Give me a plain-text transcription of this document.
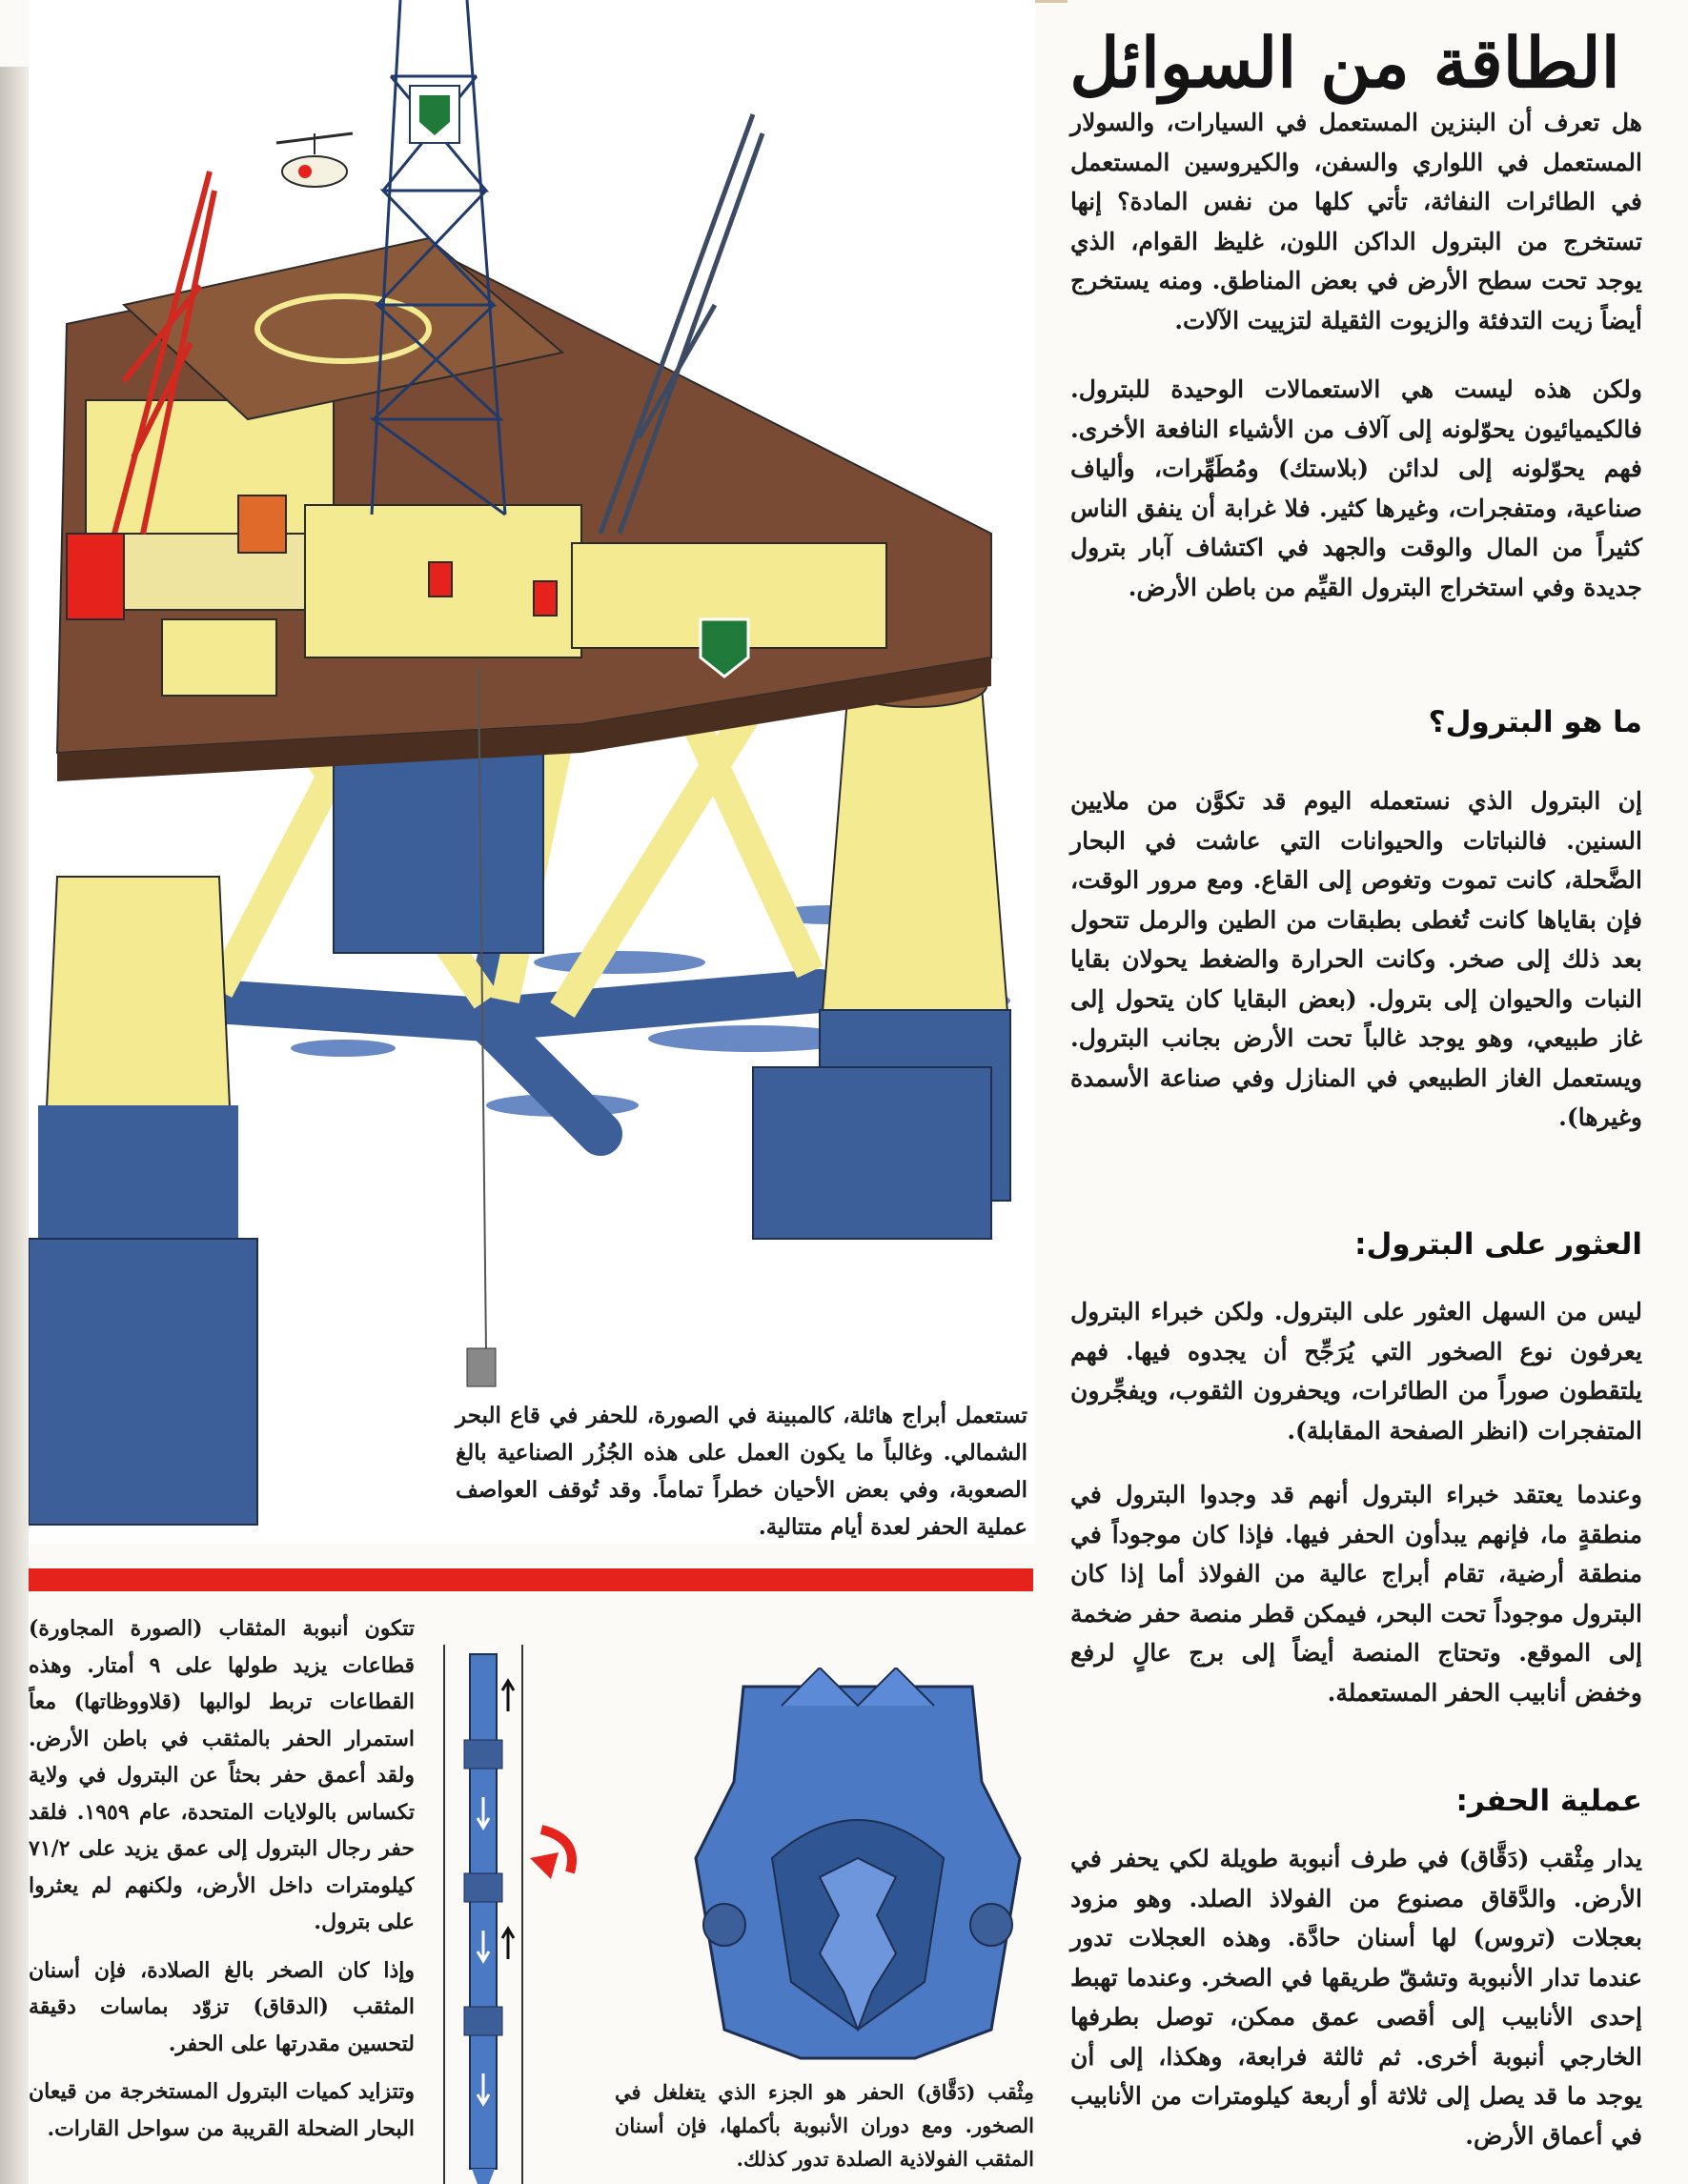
الطاقة من السوائل

هل تعرف أن البنزين المستعمل في السيارات، والسولار المستعمل في اللواري والسفن، والكيروسين المستعمل في الطائرات النفاثة، تأتي كلها من نفس المادة؟ إنها تستخرج من البترول الداكن اللون، غليظ القوام، الذي يوجد تحت سطح الأرض في بعض المناطق. ومنه يستخرج أيضاً زيت التدفئة والزيوت الثقيلة لتزييت الآلات.

ولكن هذه ليست هي الاستعمالات الوحيدة للبترول. فالكيميائيون يحوّلونه إلى آلاف من الأشياء النافعة الأخرى. فهم يحوّلونه إلى لدائن (بلاستك) ومُطَهِّرات، وألياف صناعية، ومتفجرات، وغيرها كثير. فلا غرابة أن ينفق الناس كثيراً من المال والوقت والجهد في اكتشاف آبار بترول جديدة وفي استخراج البترول القيِّم من باطن الأرض.

ما هو البترول؟

إن البترول الذي نستعمله اليوم قد تكوَّن من ملايين السنين. فالنباتات والحيوانات التي عاشت في البحار الضَّحلة، كانت تموت وتغوص إلى القاع. ومع مرور الوقت، فإن بقاياها كانت تُغطى بطبقات من الطين والرمل تتحول بعد ذلك إلى صخر. وكانت الحرارة والضغط يحولان بقايا النبات والحيوان إلى بترول. (بعض البقايا كان يتحول إلى غاز طبيعي، وهو يوجد غالباً تحت الأرض بجانب البترول. ويستعمل الغاز الطبيعي في المنازل وفي صناعة الأسمدة وغيرها).

العثور على البترول:

ليس من السهل العثور على البترول. ولكن خبراء البترول يعرفون نوع الصخور التي يُرَجِّح أن يجدوه فيها. فهم يلتقطون صوراً من الطائرات، ويحفرون الثقوب، ويفجِّرون المتفجرات (انظر الصفحة المقابلة).

وعندما يعتقد خبراء البترول أنهم قد وجدوا البترول في منطقةٍ ما، فإنهم يبدأون الحفر فيها. فإذا كان موجوداً في منطقة أرضية، تقام أبراج عالية من الفولاذ أما إذا كان البترول موجوداً تحت البحر، فيمكن قطر منصة حفر ضخمة إلى الموقع. وتحتاج المنصة أيضاً إلى برج عالٍ لرفع وخفض أنابيب الحفر المستعملة.

عملية الحفر:

يدار مِثْقب (دَقَّاق) في طرف أنبوبة طويلة لكي يحفر في الأرض. والدَّقاق مصنوع من الفولاذ الصلد. وهو مزود بعجلات (تروس) لها أسنان حادَّة. وهذه العجلات تدور عندما تدار الأنبوبة وتشقّ طريقها في الصخر. وعندما تهبط إحدى الأنابيب إلى أقصى عمق ممكن، توصل بطرفها الخارجي أنبوبة أخرى. ثم ثالثة فرابعة، وهكذا، إلى أن يوجد ما قد يصل إلى ثلاثة أو أربعة كيلومترات من الأنابيب في أعماق الأرض.

تستعمل أبراج هائلة، كالمبينة في الصورة، للحفر في قاع البحر الشمالي. وغالباً ما يكون العمل على هذه الجُزُر الصناعية بالغ الصعوبة، وفي بعض الأحيان خطراً تماماً. وقد تُوقف العواصف عملية الحفر لعدة أيام متتالية.

تتكون أنبوبة المثقاب (الصورة المجاورة) قطاعات يزيد طولها على ٩ أمتار. وهذه القطاعات تربط لوالبها (قلاووظاتها) معاً استمرار الحفر بالمثقب في باطن الأرض. ولقد أعمق حفر بحثاً عن البترول في ولاية تكساس بالولايات المتحدة، عام ١٩٥٩. فلقد حفر رجال البترول إلى عمق يزيد على ٧١/٢ كيلومترات داخل الأرض، ولكنهم لم يعثروا على بترول.

وإذا كان الصخر بالغ الصلادة، فإن أسنان المثقب (الدقاق) تزوّد بماسات دقيقة لتحسين مقدرتها على الحفر.

وتتزايد كميات البترول المستخرجة من قيعان البحار الضحلة القريبة من سواحل القارات.

مِثْقب (دَقَّاق) الحفر هو الجزء الذي يتغلغل في الصخور. ومع دوران الأنبوبة بأكملها، فإن أسنان المثقب الفولاذية الصلدة تدور كذلك.
